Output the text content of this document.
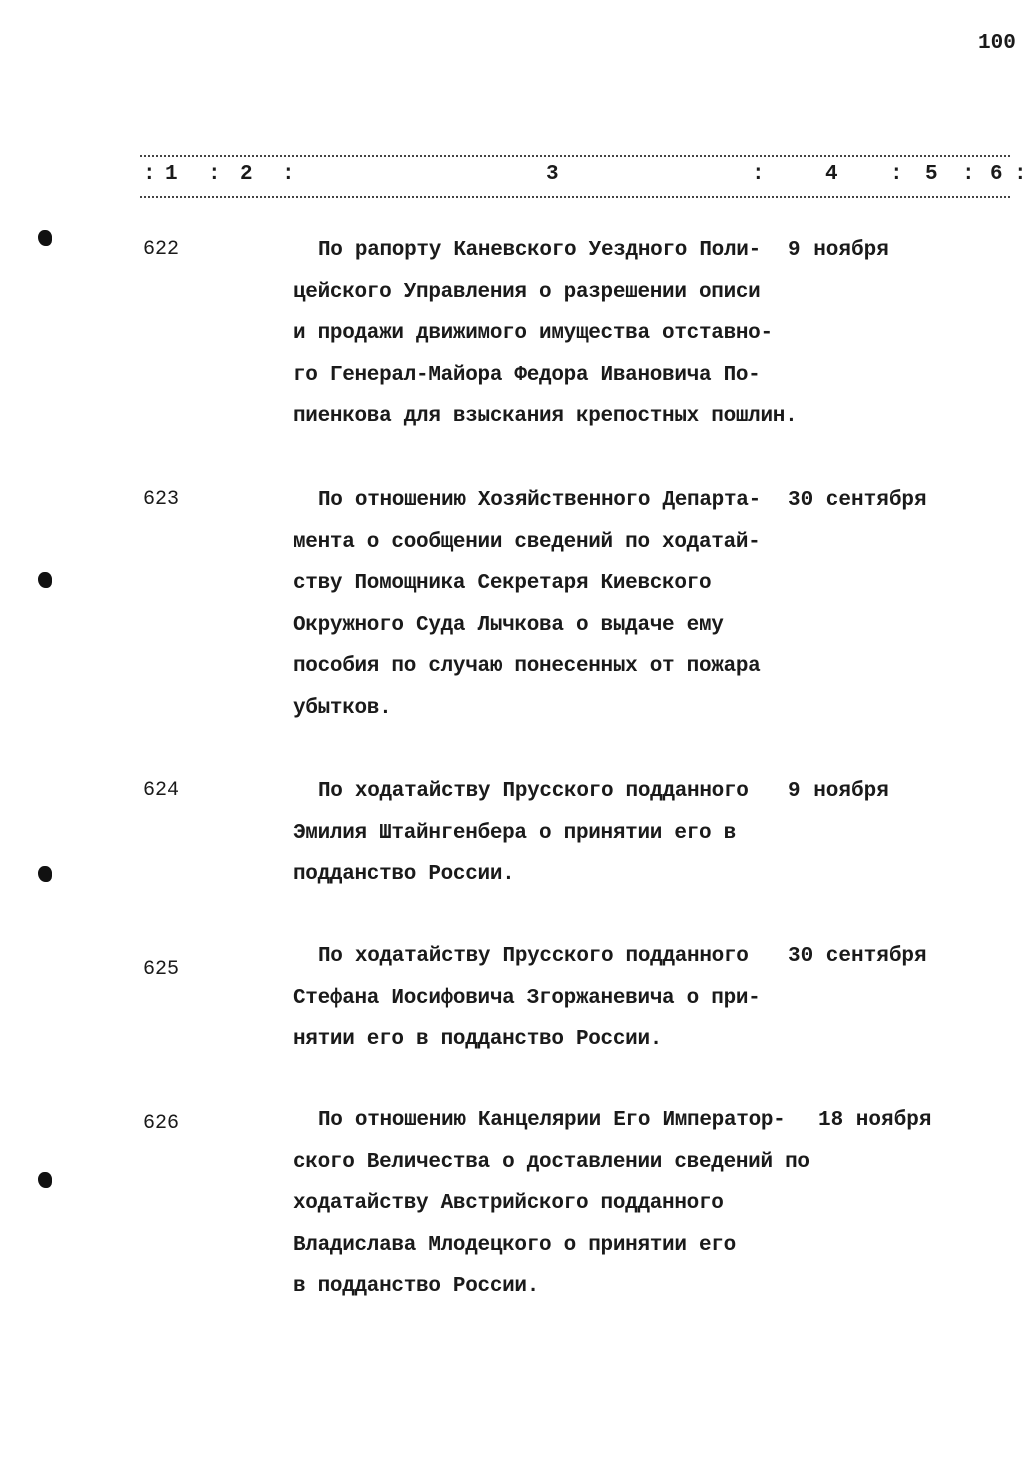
100
: 1 : 2 :	3	:	4 : 5 : 6 :
622	По рапорту Каневского Уездного Поли-
цейского Управления о разрешении описи
и продажи движимого имущества отставно-
го Генерал-Майора Федора Ивановича По-
пиенкова для взыскания крепостных пошлин.
9 ноября
623	По отношению Хозяйственного Департа-
мента о сообщении сведений по ходатай-
ству Помощника Секретаря Киевского
Окружного Суда Лычкова о выдаче ему
пособия по случаю понесенных от пожара
убытков.
30 сентября
624	По ходатайству Прусского подданного
Эмилия Штайнгенбера о принятии его в
подданство России.
9 ноября
625
По ходатайству Прусского подданного
Стефана Иосифовича Згоржаневича о при-
нятии его в подданство России.
30 сентября
626	По отношению Канцелярии Его Император-
ского Величества о доставлении сведений по
ходатайству Австрийского подданного
Владислава Млодецкого о принятии его
в подданство России.
18 ноября
